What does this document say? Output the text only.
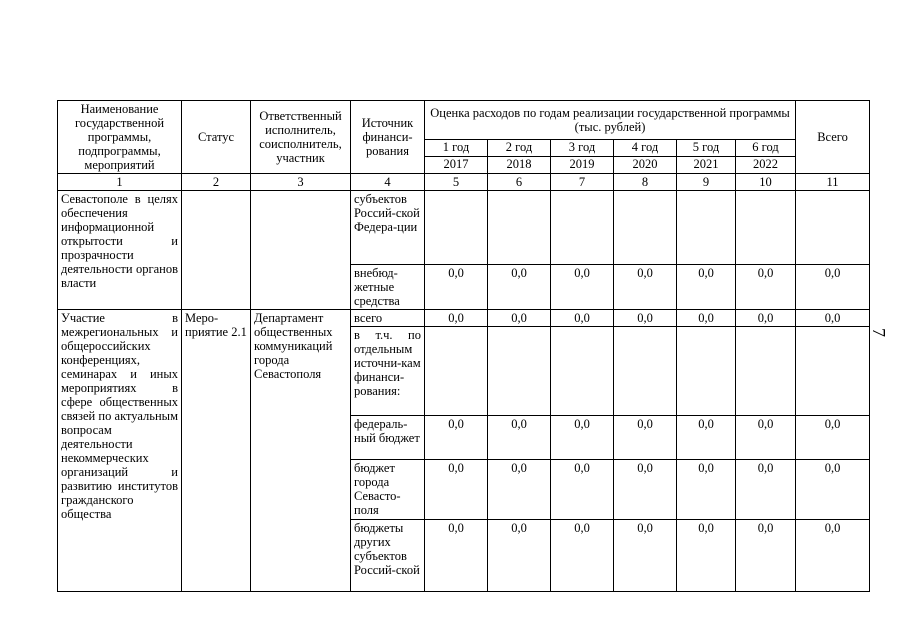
7
Наименование государственной программы, подпрограммы, мероприятий	Статус	Ответственный исполнитель, соисполнитель, участник	Источник финанси-рования	Оценка расходов по годам реализации государственной программы (тыс. рублей)						Всего
				1 год	2 год	3 год	4 год	5 год	6 год	
				2017	2018	2019	2020	2021	2022	
1	2	3	4	5	6	7	8	9	10	11
Севастополе в целях обеспечения информационной открытости и прозрачности деятельности органов власти			субъектов Россий-ской Федера-ции							
			внебюд-жетные средства	0,0	0,0	0,0	0,0	0,0	0,0	0,0
Участие в межрегиональных и общероссийских конференциях, семинарах и иных мероприятиях в сфере общественных связей по актуальным вопросам деятельности некоммерческих организаций и развитию институтов гражданского общества	Меро-приятие 2.1	Департамент общественных коммуникаций города Севастополя	всего	0,0	0,0	0,0	0,0	0,0	0,0	0,0
			в т.ч. по отдельным источни-кам финанси-рования:							
			федераль-ный бюджет	0,0	0,0	0,0	0,0	0,0	0,0	0,0
			бюджет города Севасто-поля	0,0	0,0	0,0	0,0	0,0	0,0	0,0
			бюджеты других субъектов Россий-ской	0,0	0,0	0,0	0,0	0,0	0,0	0,0
